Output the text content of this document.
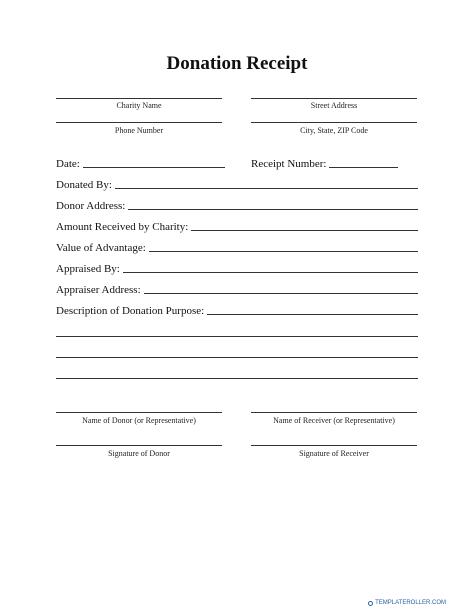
Donation Receipt
Charity Name	Street Address
Phone Number	City, State, ZIP Code
Date:	Receipt Number:
Donated By:
Donor Address:
Amount Received by Charity:
Value of Advantage:
Appraised By:
Appraiser Address:
Description of Donation Purpose:
Name of Donor (or Representative)	Name of Receiver (or Representative)
Signature of Donor	Signature of Receiver
TEMPLATEROLLER.COM
